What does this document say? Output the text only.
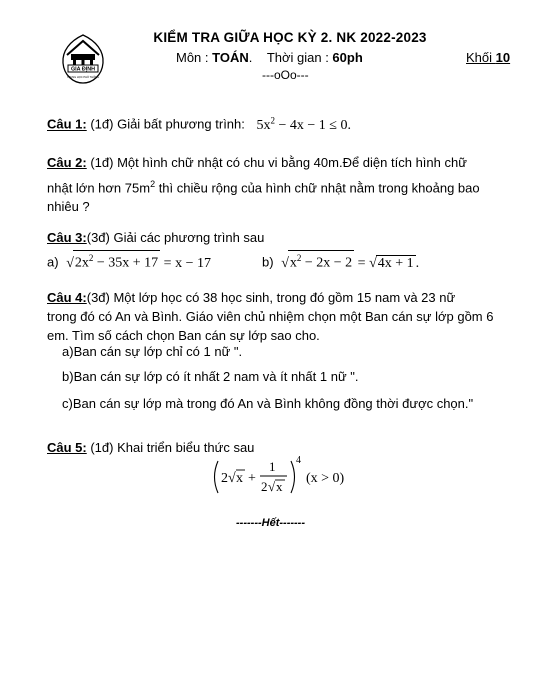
GIA ĐỊNH
TRUNG HỌC PHỔ THÔNG
KIỂM TRA GIỮA HỌC KỲ 2. NK 2022-2023
Môn : TOÁN. Thời gian : 60ph	Khối 10
---oOo---
Câu 1: (1đ) Giải bất phương trình: $5x^2 - 4x - 1 \le 0$.
Câu 2: (1đ) Một hình chữ nhật có chu vi bằng 40m.Để diện tích hình chữ
nhật lớn hơn $75m^2$ thì chiều rộng của hình chữ nhật nằm trong khoảng bao
nhiêu ?
Câu 3:(3đ) Giải các phương trình sau
a) $√2x^2 - 35x + 17 = x - 17$	b) $√x^2 - 2x - 2 = √4x + 1$ .
Câu 4:(3đ) Một lớp học có 38 học sinh, trong đó gồm 15 nam và 23 nữ
trong đó có An và Bình. Giáo viên chủ nhiệm chọn một Ban cán sự lớp gồm 6
em. Tìm số cách chọn Ban cán sự lớp sao cho.
a)Ban cán sự lớp chỉ có 1 nữ ".
b)Ban cán sự lớp có ít nhất 2 nam và ít nhất 1 nữ ".
c)Ban cán sự lớp mà trong đó An và Bình không đồng thời được chọn."
Câu 5: (1đ) Khai triển biểu thức sau
2 √ x +
1
2 √ x
4
(x > 0)
-------Hết-------
